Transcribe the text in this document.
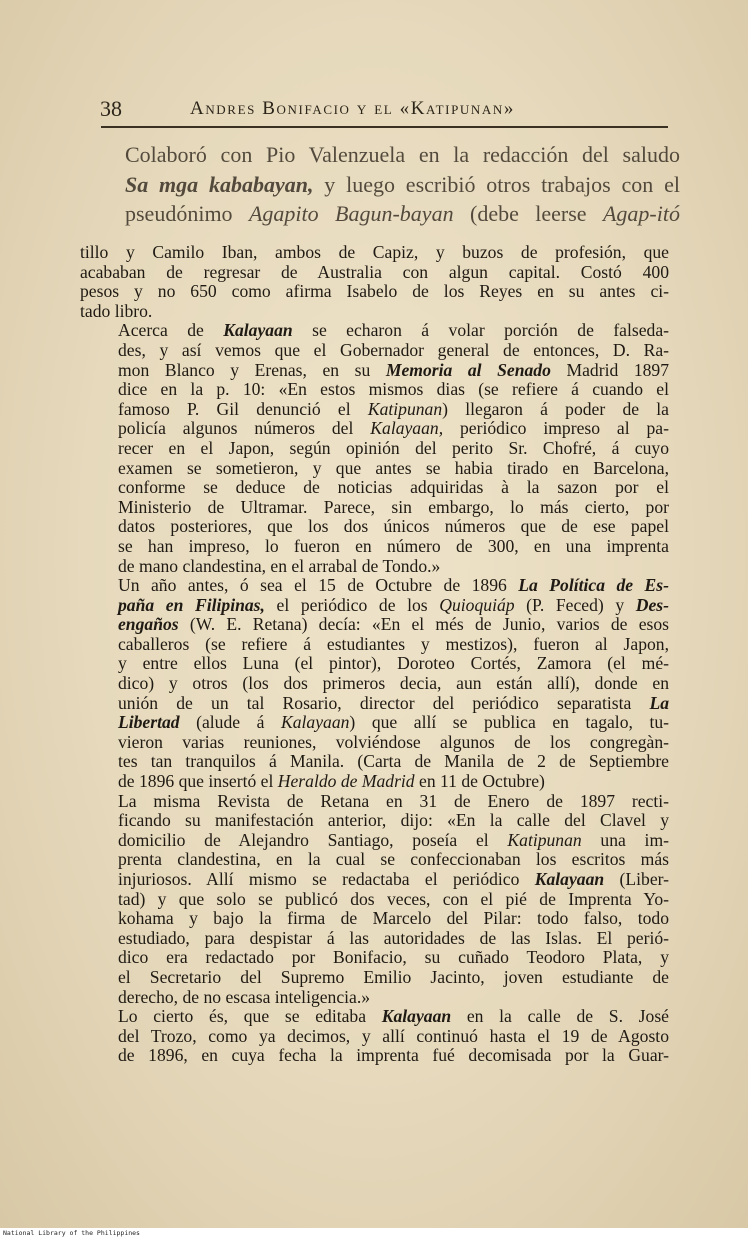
38	Andres Bonifacio y el «Katipunan»

Colaboró con Pio Valenzuela en la redacción del saludo
Sa mga kababayan, y luego escribió otros trabajos con el
pseudónimo Agapito Bagun-bayan (debe leerse Agap-itó

tillo y Camilo Iban, ambos de Capiz, y buzos de profesión, que
acababan de regresar de Australia con algun capital. Costó 400
pesos y no 650 como afirma Isabelo de los Reyes en su antes ci-
tado libro.

Acerca de Kalayaan se echaron á volar porción de falseda-
des, y así vemos que el Gobernador general de entonces, D. Ra-
mon Blanco y Erenas, en su Memoria al Senado Madrid 1897
dice en la p. 10: «En estos mismos dias (se refiere á cuando el
famoso P. Gil denunció el Katipunan) llegaron á poder de la
policía algunos números del Kalayaan, periódico impreso al pa-
recer en el Japon, según opinión del perito Sr. Chofré, á cuyo
examen se sometieron, y que antes se habia tirado en Barcelona,
conforme se deduce de noticias adquiridas à la sazon por el
Ministerio de Ultramar. Parece, sin embargo, lo más cierto, por
datos posteriores, que los dos únicos números que de ese papel
se han impreso, lo fueron en número de 300, en una imprenta
de mano clandestina, en el arrabal de Tondo.»

Un año antes, ó sea el 15 de Octubre de 1896 La Política de Es-
paña en Filipinas, el periódico de los Quioquiáp (P. Feced) y Des-
engaños (W. E. Retana) decía: «En el més de Junio, varios de esos
caballeros (se refiere á estudiantes y mestizos), fueron al Japon,
y entre ellos Luna (el pintor), Doroteo Cortés, Zamora (el mé-
dico) y otros (los dos primeros decia, aun están allí), donde en
unión de un tal Rosario, director del periódico separatista La
Libertad (alude á Kalayaan) que allí se publica en tagalo, tu-
vieron varias reuniones, volviéndose algunos de los congregàn-
tes tan tranquilos á Manila. (Carta de Manila de 2 de Septiembre
de 1896 que insertó el Heraldo de Madrid en 11 de Octubre)

La misma Revista de Retana en 31 de Enero de 1897 recti-
ficando su manifestación anterior, dijo: «En la calle del Clavel y
domicilio de Alejandro Santiago, poseía el Katipunan una im-
prenta clandestina, en la cual se confeccionaban los escritos más
injuriosos. Allí mismo se redactaba el periódico Kalayaan (Liber-
tad) y que solo se publicó dos veces, con el pié de Imprenta Yo-
kohama y bajo la firma de Marcelo del Pilar: todo falso, todo
estudiado, para despistar á las autoridades de las Islas. El perió-
dico era redactado por Bonifacio, su cuñado Teodoro Plata, y
el Secretario del Supremo Emilio Jacinto, joven estudiante de
derecho, de no escasa inteligencia.»

Lo cierto és, que se editaba Kalayaan en la calle de S. José
del Trozo, como ya decimos, y allí continuó hasta el 19 de Agosto
de 1896, en cuya fecha la imprenta fué decomisada por la Guar-

National Library of the Philippines
